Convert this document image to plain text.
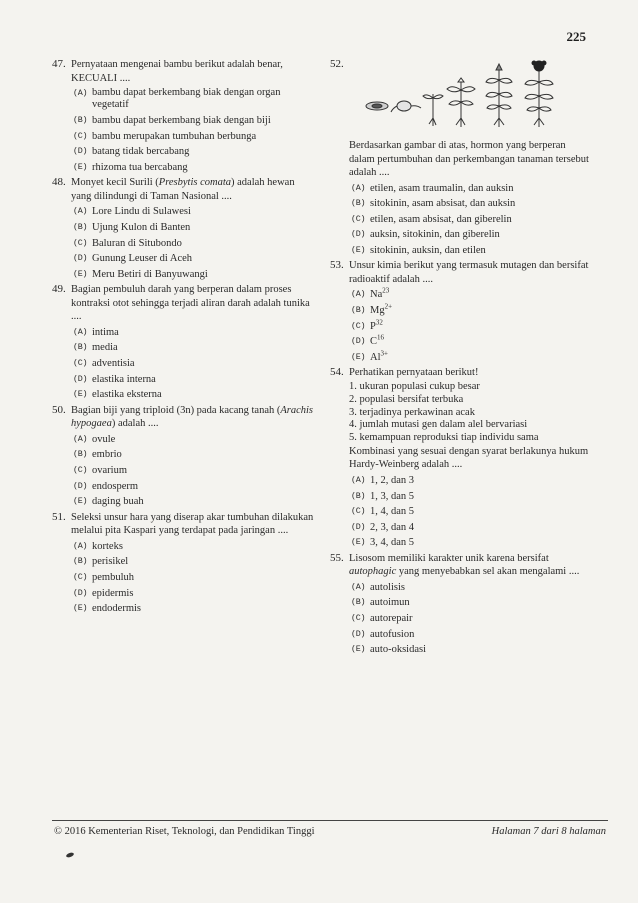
225
47. Pernyataan mengenai bambu berikut adalah benar, KECUALI ....

(A) bambu dapat berkembang biak dengan organ vegetatif
(B) bambu dapat berkembang biak dengan biji
(C) bambu merupakan tumbuhan berbunga
(D) batang tidak bercabang
(E) rhizoma tua bercabang
48. Monyet kecil Surili (Presbytis comata) adalah hewan yang dilindungi di Taman Nasional ....

(A) Lore Lindu di Sulawesi
(B) Ujung Kulon di Banten
(C) Baluran di Situbondo
(D) Gunung Leuser di Aceh
(E) Meru Betiri di Banyuwangi
49. Bagian pembuluh darah yang berperan dalam proses kontraksi otot sehingga terjadi aliran darah adalah tunika ....

(A) intima
(B) media
(C) adventisia
(D) elastika interna
(E) elastika eksterna
50. Bagian biji yang triploid (3n) pada kacang tanah (Arachis hypogaea) adalah ....

(A) ovule
(B) embrio
(C) ovarium
(D) endosperm
(E) daging buah
51. Seleksi unsur hara yang diserap akar tumbuhan dilakukan melalui pita Kaspari yang terdapat pada jaringan ....

(A) korteks
(B) perisikel
(C) pembuluh
(D) epidermis
(E) endodermis
52.

Berdasarkan gambar di atas, hormon yang berperan dalam pertumbuhan dan perkembangan tanaman tersebut adalah ....

(A) etilen, asam traumalin, dan auksin
(B) sitokinin, asam absisat, dan auksin
(C) etilen, asam absisat, dan giberelin
(D) auksin, sitokinin, dan giberelin
(E) sitokinin, auksin, dan etilen
53. Unsur kimia berikut yang termasuk mutagen dan bersifat radioaktif adalah ....

(A) Na$^{23}$
(B) $Mg^{2+}$
(C) $P^{32}$
(D) $C^{16}$
(E) $Al^{3+}$
54. Perhatikan pernyataan berikut!

1. ukuran populasi cukup besar
2. populasi bersifat terbuka
3. terjadinya perkawinan acak
4. jumlah mutasi gen dalam alel bervariasi
5. kemampuan reproduksi tiap individu sama

Kombinasi yang sesuai dengan syarat berlakunya hukum Hardy-Weinberg adalah ....

(A) 1, 2, dan 3
(B) 1, 3, dan 5
(C) 1, 4, dan 5
(D) 2, 3, dan 4
(E) 3, 4, dan 5
55. Lisosom memiliki karakter unik karena bersifat autophagic yang menyebabkan sel akan mengalami ....

(A) autolisis
(B) autoimun
(C) autorepair
(D) autofusion
(E) auto-oksidasi
© 2016 Kementerian Riset, Teknologi, dan Pendidikan Tinggi	Halaman 7 dari 8 halaman
